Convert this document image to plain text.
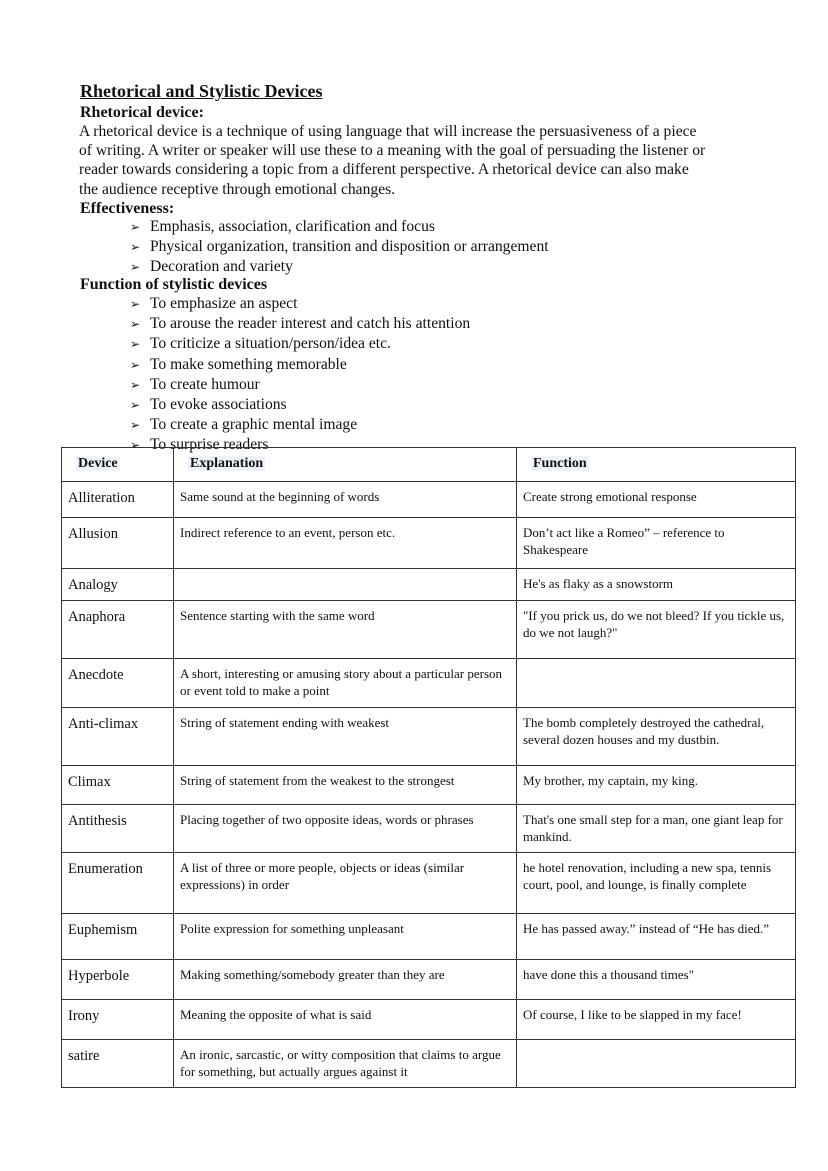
Rhetorical and Stylistic Devices
Rhetorical device:
A rhetorical device is a technique of using language that will increase the persuasiveness of a piece
of writing. A writer or speaker will use these to a meaning with the goal of persuading the listener or
reader towards considering a topic from a different perspective. A rhetorical device can also make
the audience receptive through emotional changes.
Effectiveness:
➢ Emphasis, association, clarification and focus
➢ Physical organization, transition and disposition or arrangement
➢ Decoration and variety
Function of stylistic devices
➢ To emphasize an aspect
➢ To arouse the reader interest and catch his attention
➢ To criticize a situation/person/idea etc.
➢ To make something memorable
➢ To create humour
➢ To evoke associations
➢ To create a graphic mental image
➢ To surprise readers
Device	Explanation	Function
Alliteration	Same sound at the beginning of words	Create strong emotional response
Allusion	Indirect reference to an event, person etc.	Don’t act like a Romeo” – reference to Shakespeare
Analogy		He's as flaky as a snowstorm
Anaphora	Sentence starting with the same word	"If you prick us, do we not bleed? If you tickle us, do we not laugh?"
Anecdote	A short, interesting or amusing story about a particular person or event told to make a point	
Anti-climax	String of statement ending with weakest	The bomb completely destroyed the cathedral, several dozen houses and my dustbin.
Climax	String of statement from the weakest to the strongest	My brother, my captain, my king.
Antithesis	Placing together of two opposite ideas, words or phrases	That's one small step for a man, one giant leap for mankind.
Enumeration	A list of three or more people, objects or ideas (similar expressions) in order	he hotel renovation, including a new spa, tennis court, pool, and lounge, is finally complete
Euphemism	Polite expression for something unpleasant	He has passed away.” instead of “He has died.”
Hyperbole	Making something/somebody greater than they are	have done this a thousand times"
Irony	Meaning the opposite of what is said	Of course, I like to be slapped in my face!
satire	An ironic, sarcastic, or witty composition that claims to argue for something, but actually argues against it	
